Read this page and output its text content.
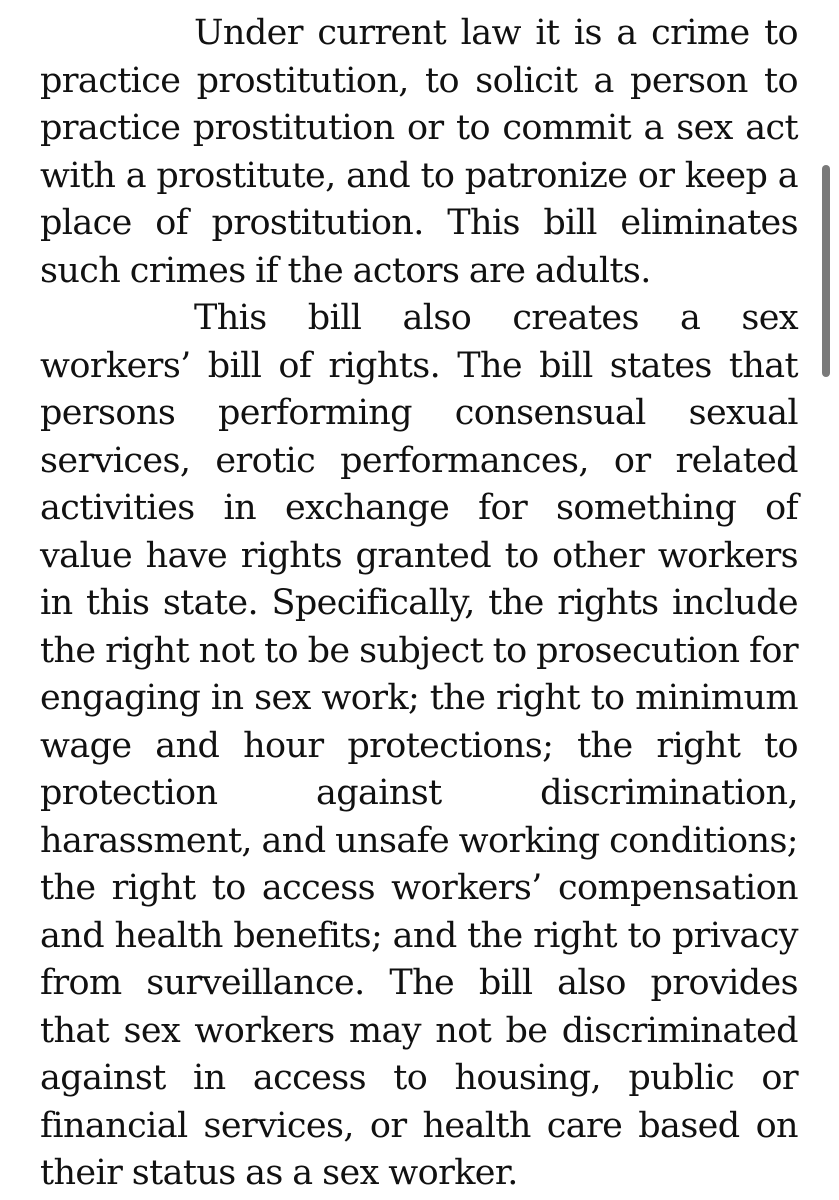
Under current law it is a crime to practice prostitution, to solicit a person to practice prostitution or to commit a sex act with a prostitute, and to patronize or keep a place of prostitution. This bill eliminates such crimes if the actors are adults.

This bill also creates a sex workers’ bill of rights. The bill states that persons performing consensual sexual services, erotic performances, or related activities in exchange for something of value have rights granted to other workers in this state. Specifically, the rights include the right not to be subject to prosecution for engaging in sex work; the right to minimum wage and hour protections; the right to protection against discrimination, harassment, and unsafe working conditions; the right to access workers’ compensation and health benefits; and the right to privacy from surveillance. The bill also provides that sex workers may not be discriminated against in access to housing, public or financial services, or health care based on their status as a sex worker.
